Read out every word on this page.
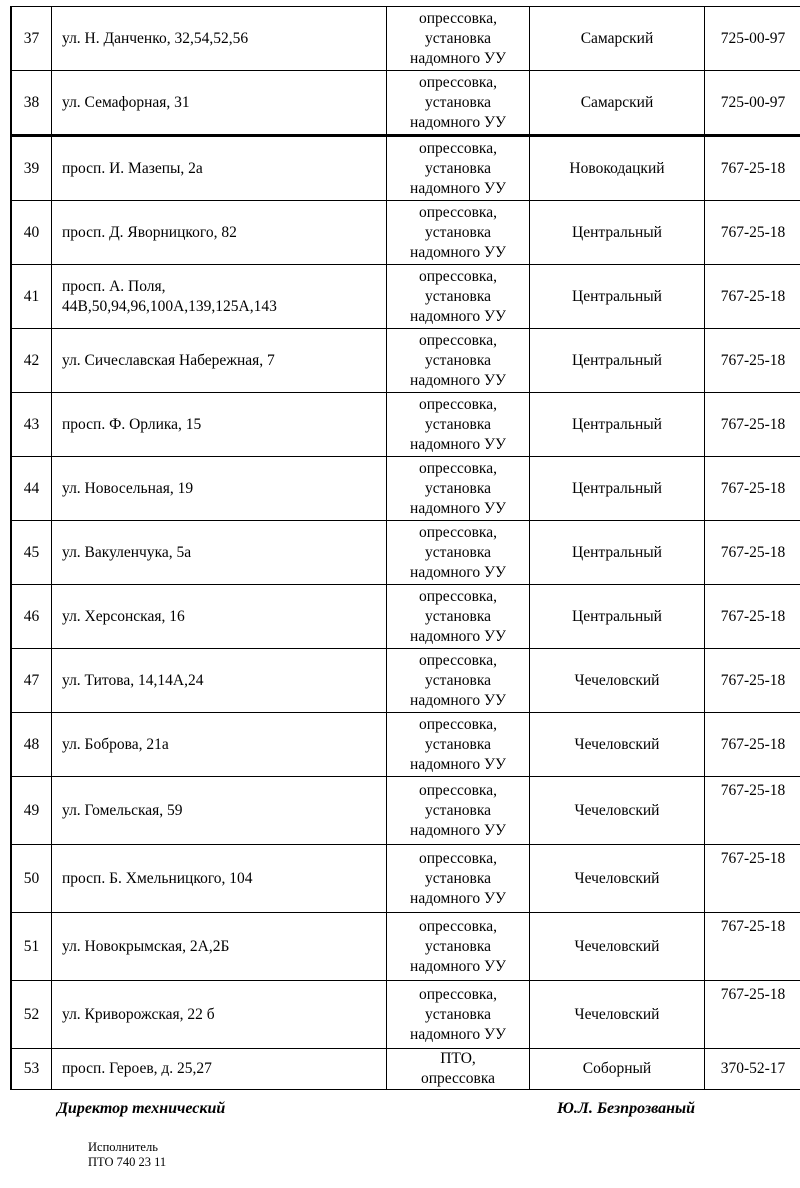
37	ул. Н. Данченко, 32,54,52,56	опрессовка,
установка
надомного УУ	Самарский	725-00-97
38	ул. Семафорная, 31	опрессовка,
установка
надомного УУ	Самарский	725-00-97
39	просп. И. Мазепы, 2а	опрессовка,
установка
надомного УУ	Новокодацкий	767-25-18
40	просп. Д. Яворницкого, 82	опрессовка,
установка
надомного УУ	Центральный	767-25-18
41	просп. А. Поля,
44В,50,94,96,100А,139,125А,143	опрессовка,
установка
надомного УУ	Центральный	767-25-18
42	ул. Сичеславская Набережная, 7	опрессовка,
установка
надомного УУ	Центральный	767-25-18
43	просп. Ф. Орлика, 15	опрессовка,
установка
надомного УУ	Центральный	767-25-18
44	ул. Новосельная, 19	опрессовка,
установка
надомного УУ	Центральный	767-25-18
45	ул. Вакуленчука, 5а	опрессовка,
установка
надомного УУ	Центральный	767-25-18
46	ул. Херсонская, 16	опрессовка,
установка
надомного УУ	Центральный	767-25-18
47	ул. Титова, 14,14А,24	опрессовка,
установка
надомного УУ	Чечеловский	767-25-18
48	ул. Боброва, 21а	опрессовка,
установка
надомного УУ	Чечеловский	767-25-18
49	ул. Гомельская, 59	опрессовка,
установка
надомного УУ	Чечеловский	767-25-18
50	просп. Б. Хмельницкого, 104	опрессовка,
установка
надомного УУ	Чечеловский	767-25-18
51	ул. Новокрымская, 2А,2Б	опрессовка,
установка
надомного УУ	Чечеловский	767-25-18
52	ул. Криворожская, 22 б	опрессовка,
установка
надомного УУ	Чечеловский	767-25-18
53	просп. Героев, д. 25,27	ПТО,
опрессовка	Соборный	370-52-17
Директор технический	Ю.Л. Безпрозваный
Исполнитель
ПТО 740 23 11
